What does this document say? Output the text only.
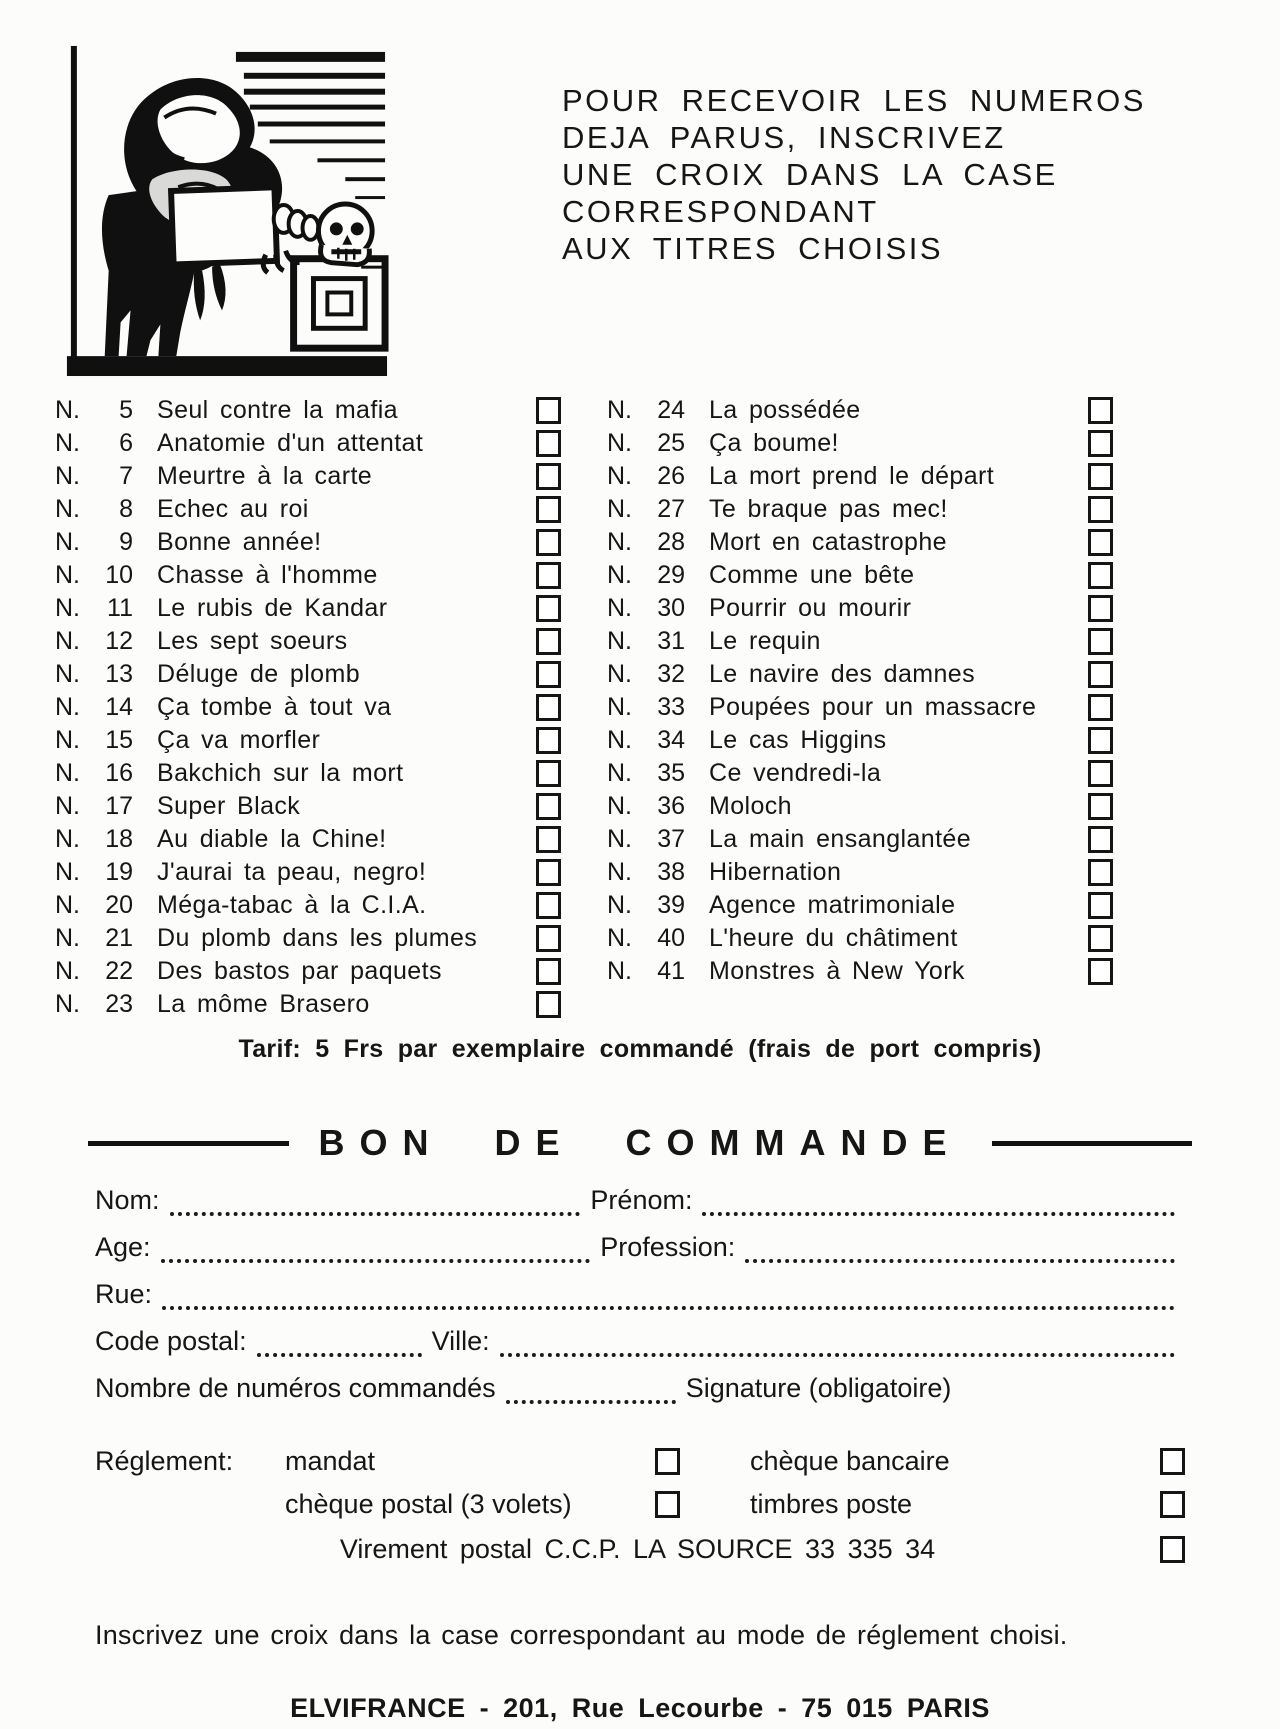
POUR RECEVOIR LES NUMEROS
DEJA PARUS, INSCRIVEZ
UNE CROIX DANS LA CASE
CORRESPONDANT
AUX TITRES CHOISIS
N.	5 Seul contre la mafia
N.	6 Anatomie d'un attentat
N.	7 Meurtre à la carte
N.	8 Echec au roi
N.	9 Bonne année!
N.	10 Chasse à l'homme
N.	11 Le rubis de Kandar
N.	12 Les sept soeurs
N.	13 Déluge de plomb
N.	14 Ça tombe à tout va
N.	15 Ça va morfler
N.	16 Bakchich sur la mort
N.	17 Super Black
N.	18 Au diable la Chine!
N.	19 J'aurai ta peau, negro!
N.	20 Méga-tabac à la C.I.A.
N.	21 Du plomb dans les plumes
N.	22 Des bastos par paquets
N.	23 La môme Brasero
N.	24 La possédée
N.	25 Ça boume!
N.	26 La mort prend le départ
N.	27 Te braque pas mec!
N.	28 Mort en catastrophe
N.	29 Comme une bête
N.	30 Pourrir ou mourir
N.	31 Le requin
N.	32 Le navire des damnes
N.	33 Poupées pour un massacre
N.	34 Le cas Higgins
N.	35 Ce vendredi-la
N.	36 Moloch
N.	37 La main ensanglantée
N.	38 Hibernation
N.	39 Agence matrimoniale
N.	40 L'heure du châtiment
N.	41 Monstres à New York
Tarif: 5 Frs par exemplaire commandé (frais de port compris)
BON DE COMMANDE
Nom:	Prénom:
Age:	Profession:
Rue:
Code postal:	Ville:
Nombre de numéros commandés	Signature (obligatoire)
Réglement:	mandat	chèque bancaire
chèque postal (3 volets)	timbres poste
Virement postal C.C.P. LA SOURCE 33 335 34
Inscrivez une croix dans la case correspondant au mode de réglement choisi.
ELVIFRANCE - 201, Rue Lecourbe - 75 015 PARIS
